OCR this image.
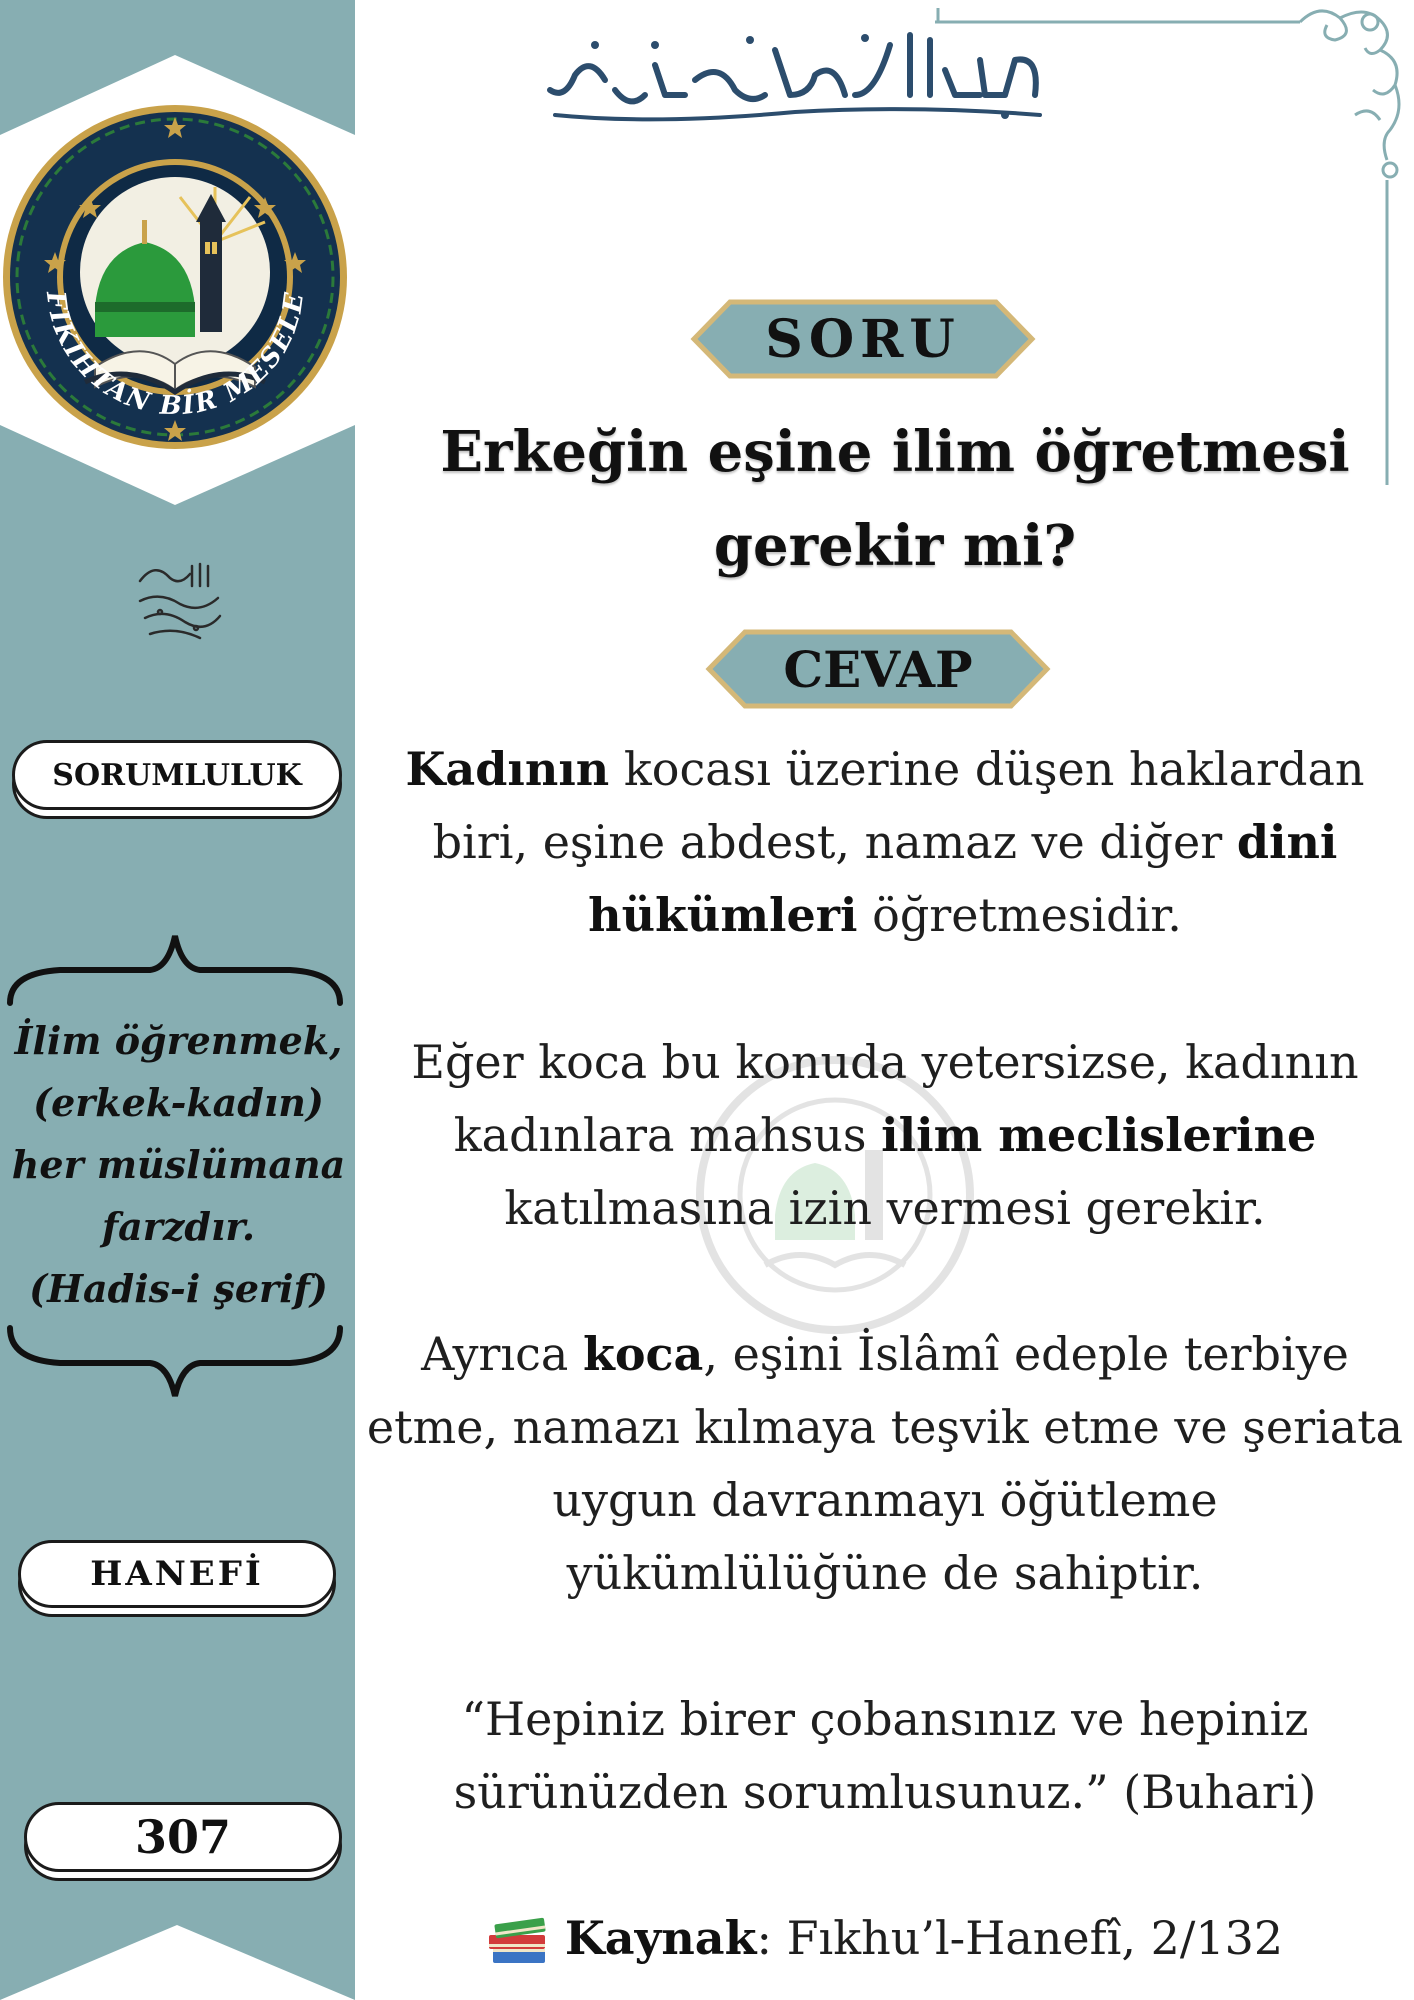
FIKIHTAN BİR MESELE
SORUMLULUK
İlim öğrenmek,
(erkek-kadın)
her müslümana
farzdır.
(Hadis-i şerif)
HANEFİ
307
SORU
Erkeğin eşine ilim öğretmesi
gerekir mi?
CEVAP
Kadının kocası üzerine düşen haklardan biri, eşine abdest, namaz ve diğer dini hükümleri öğretmesidir.
Eğer koca bu konuda yetersizse, kadının kadınlara mahsus ilim meclislerine katılmasına izin vermesi gerekir.
Ayrıca koca, eşini İslâmî edeple terbiye etme, namazı kılmaya teşvik etme ve şeriata uygun davranmayı öğütleme yükümlülüğüne de sahiptir.
“Hepiniz birer çobansınız ve hepiniz sürünüzden sorumlusunuz.” (Buhari)
Kaynak : Fıkhu’l-Hanefî, 2/132
